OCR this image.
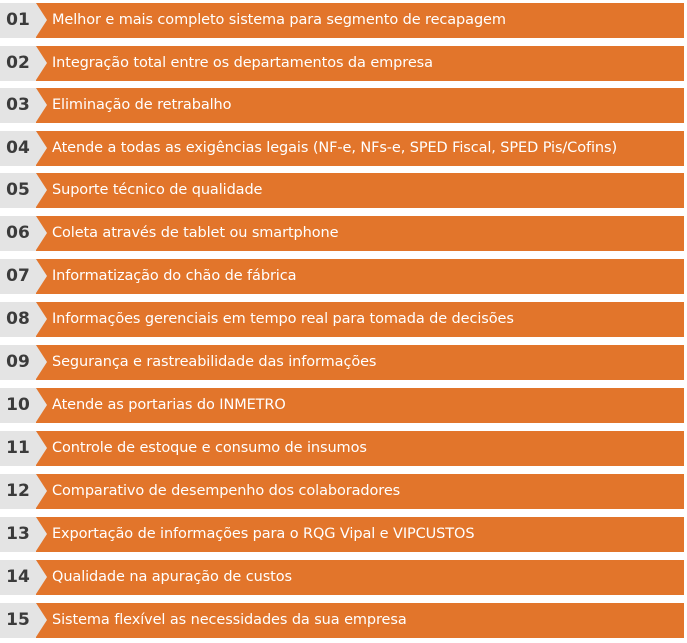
01	Melhor e mais completo sistema para segmento de recapagem
02	Integração total entre os departamentos da empresa
03	Eliminação de retrabalho
04	Atende a todas as exigências legais (NF-e, NFs-e, SPED Fiscal, SPED Pis/Cofins)
05	Suporte técnico de qualidade
06	Coleta através de tablet ou smartphone
07	Informatização do chão de fábrica
08	Informações gerenciais em tempo real para tomada de decisões
09	Segurança e rastreabilidade das informações
10	Atende as portarias do INMETRO
11	Controle de estoque e consumo de insumos
12	Comparativo de desempenho dos colaboradores
13	Exportação de informações para o RQG Vipal e VIPCUSTOS
14	Qualidade na apuração de custos
15	Sistema flexível as necessidades da sua empresa
